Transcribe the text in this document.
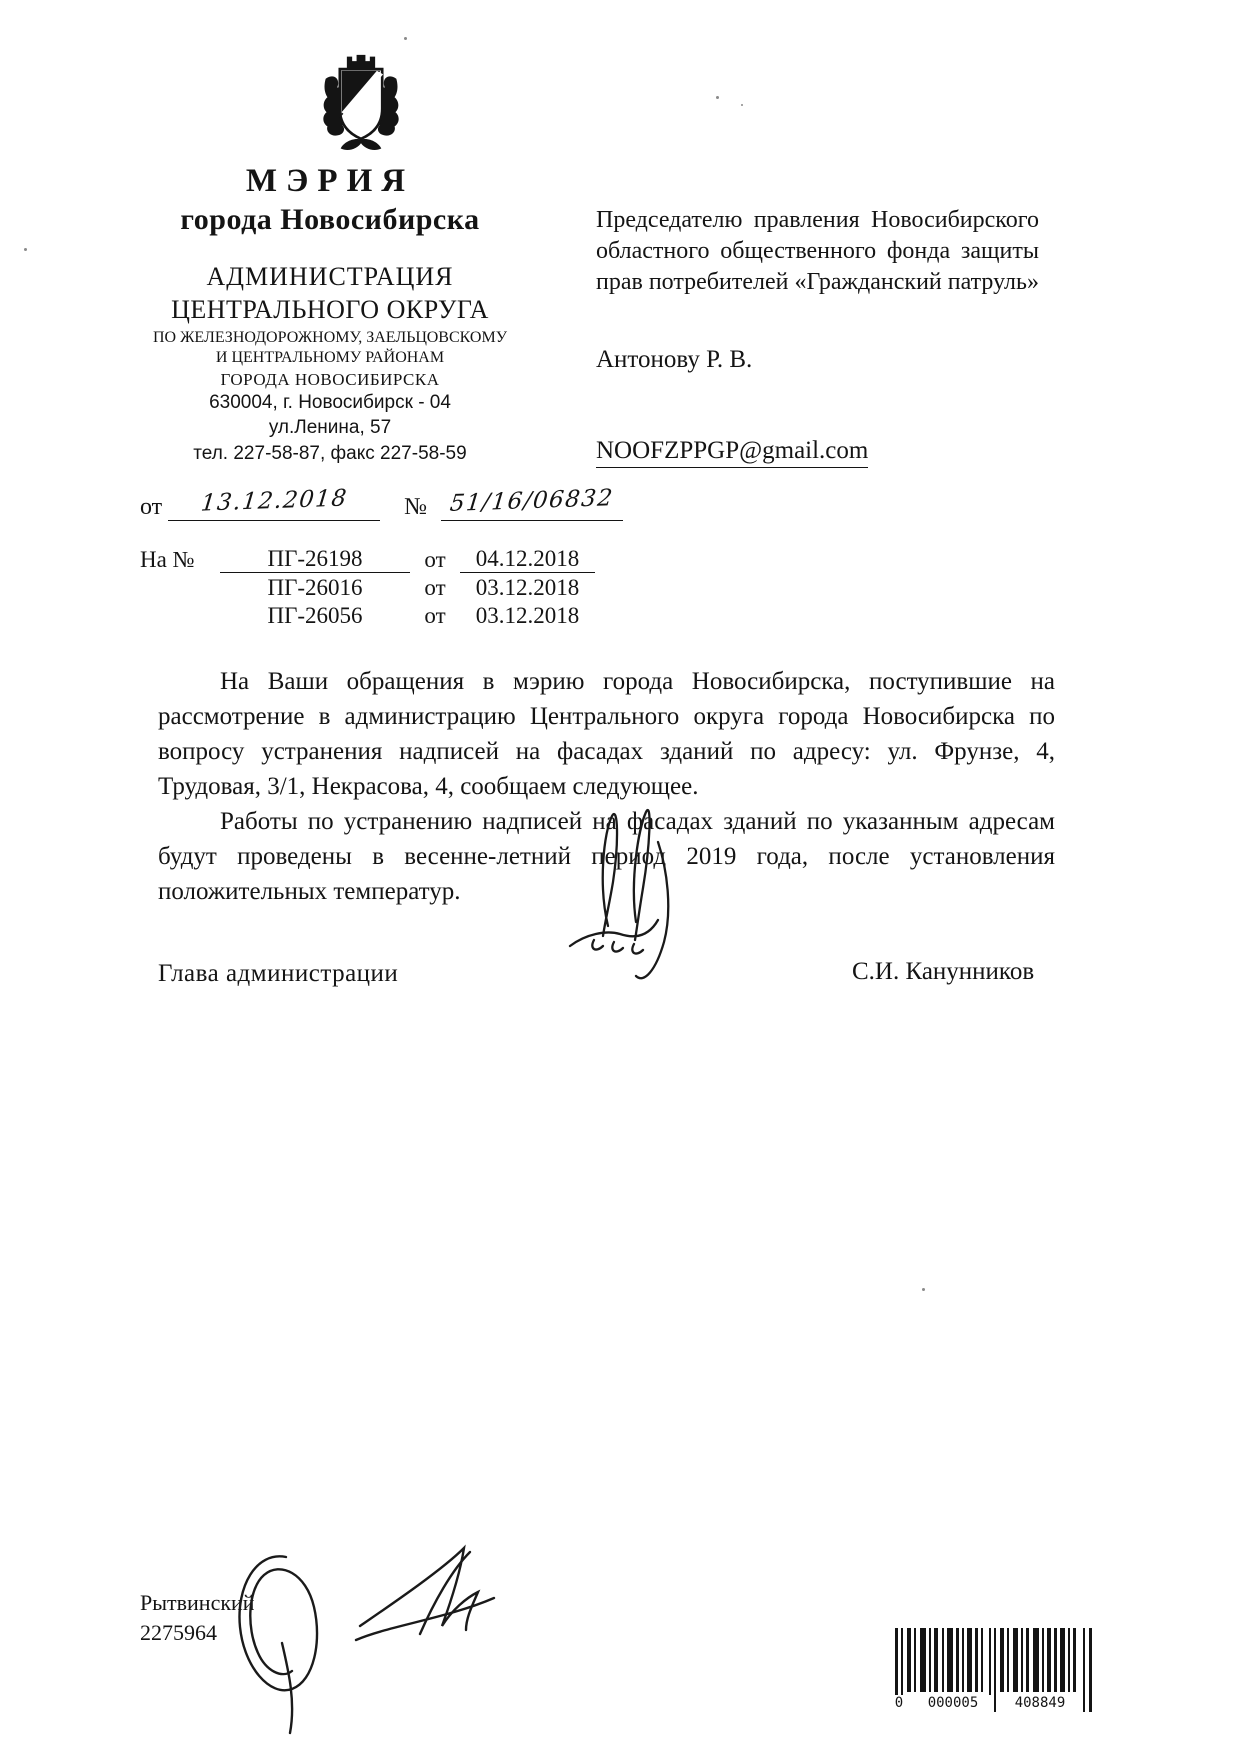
МЭРИЯ
города Новосибирска
АДМИНИСТРАЦИЯ
ЦЕНТРАЛЬНОГО ОКРУГА
ПО ЖЕЛЕЗНОДОРОЖНОМУ, ЗАЕЛЬЦОВСКОМУ
И ЦЕНТРАЛЬНОМУ РАЙОНАМ
ГОРОДА НОВОСИБИРСКА
630004, г. Новосибирск - 04
ул.Ленина, 57
тел. 227-58-87, факс 227-58-59
от 13.12.2018 № 51/16/06832
На №	ПГ-26198	от	04.12.2018
ПГ-26016	от	03.12.2018
ПГ-26056	от	03.12.2018
Председателю правления Новосибирского областного общественного фонда защиты прав потребителей «Гражданский патруль»
Антонову Р. В.
NOOFZPPGP@gmail.com

На Ваши обращения в мэрию города Новосибирска, поступившие на рассмотрение в администрацию Центрального округа города Новосибирска по вопросу устранения надписей на фасадах зданий по адресу: ул. Фрунзе, 4, Трудовая, 3/1, Некрасова, 4, сообщаем следующее.

Работы по устранению надписей на фасадах зданий по указанным адресам будут проведены в весенне-летний период 2019 года, после установления положительных температур.

Глава администрации	С.И. Канунников
Рытвинский
2275964
0	000005	408849
